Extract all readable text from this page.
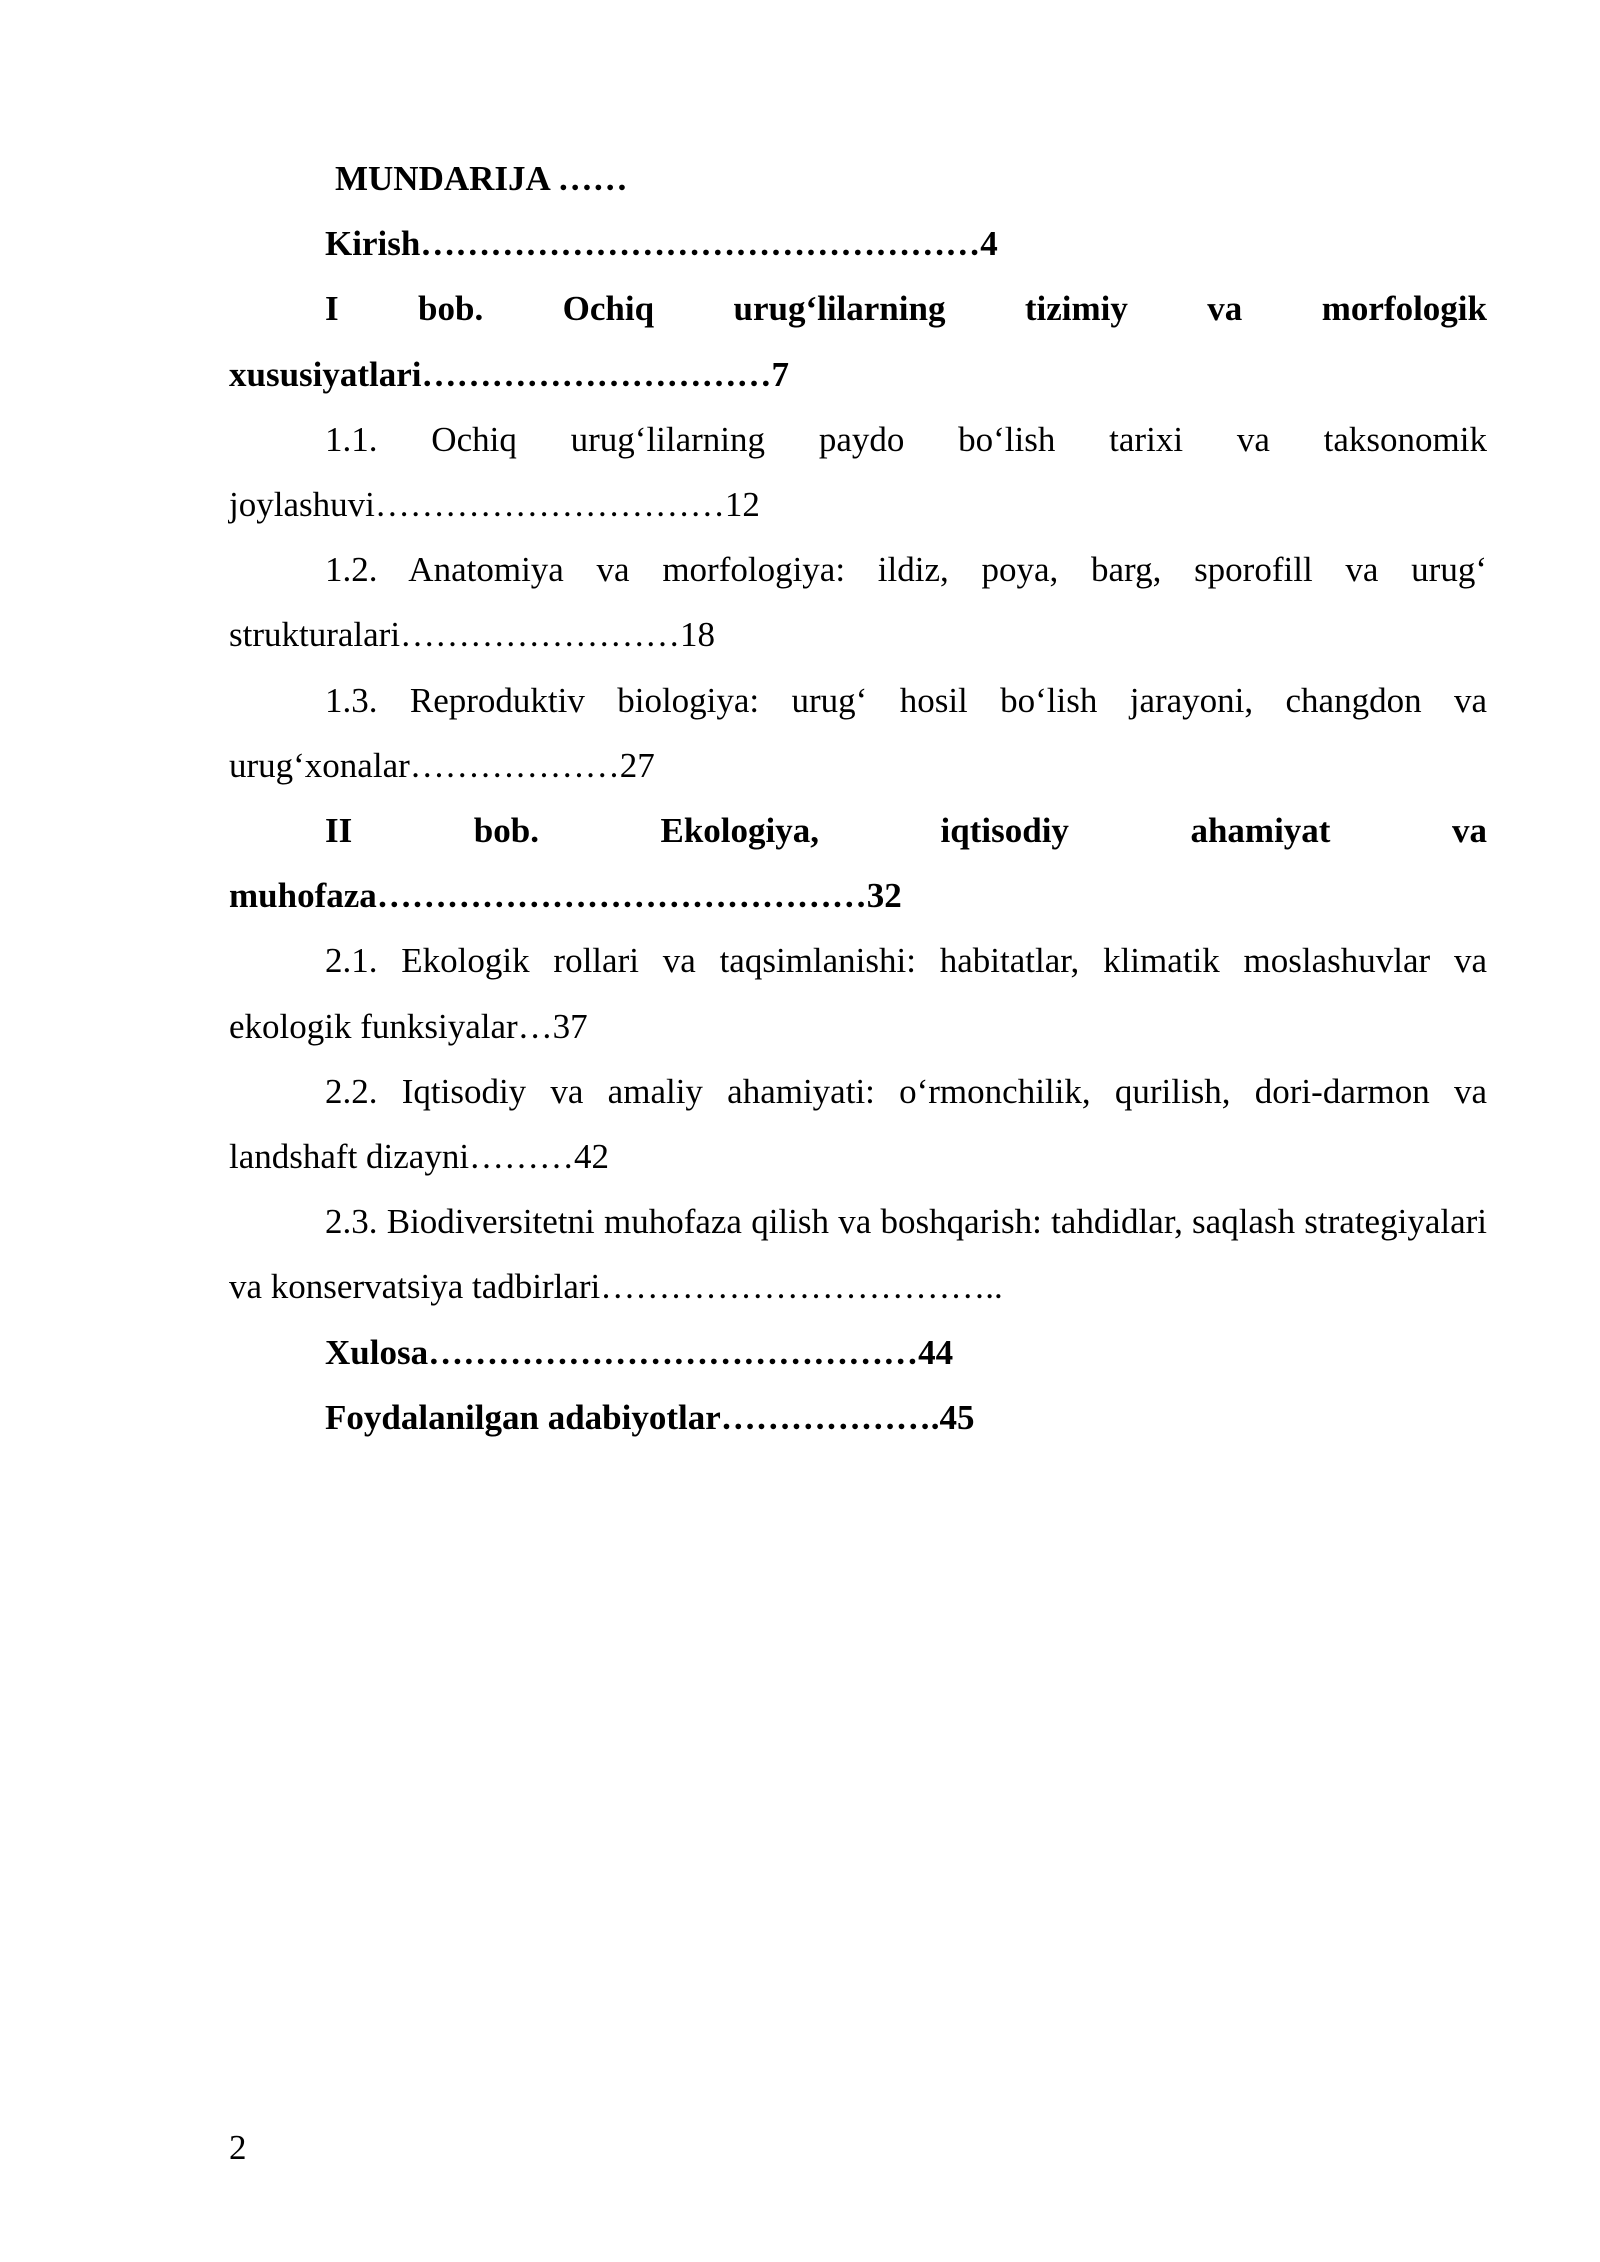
MUNDARIJA ……

Kirish…………………………………………4

I bob. Ochiq urug‘lilarning tizimiy va morfologik xususiyatlari…………………………7

1.1. Ochiq urug‘lilarning paydo bo‘lish tarixi va taksonomik joylashuvi…………………………12

1.2. Anatomiya va morfologiya: ildiz, poya, barg, sporofill va urug‘ strukturalari……………………18

1.3. Reproduktiv biologiya: urug‘ hosil bo‘lish jarayoni, changdon va urug‘xonalar………………27

II bob. Ekologiya, iqtisodiy ahamiyat va muhofaza……………………………………32

2.1. Ekologik rollari va taqsimlanishi: habitatlar, klimatik moslashuvlar va ekologik funksiyalar…37

2.2. Iqtisodiy va amaliy ahamiyati: o‘rmonchilik, qurilish, dori-darmon va landshaft dizayni………42

2.3. Biodiversitetni muhofaza qilish va boshqarish: tahdidlar, saqlash strategiyalari va konservatsiya tadbirlari……………………………..

Xulosa……………………………………44

Foydalanilgan adabiyotlar……………….45

2
